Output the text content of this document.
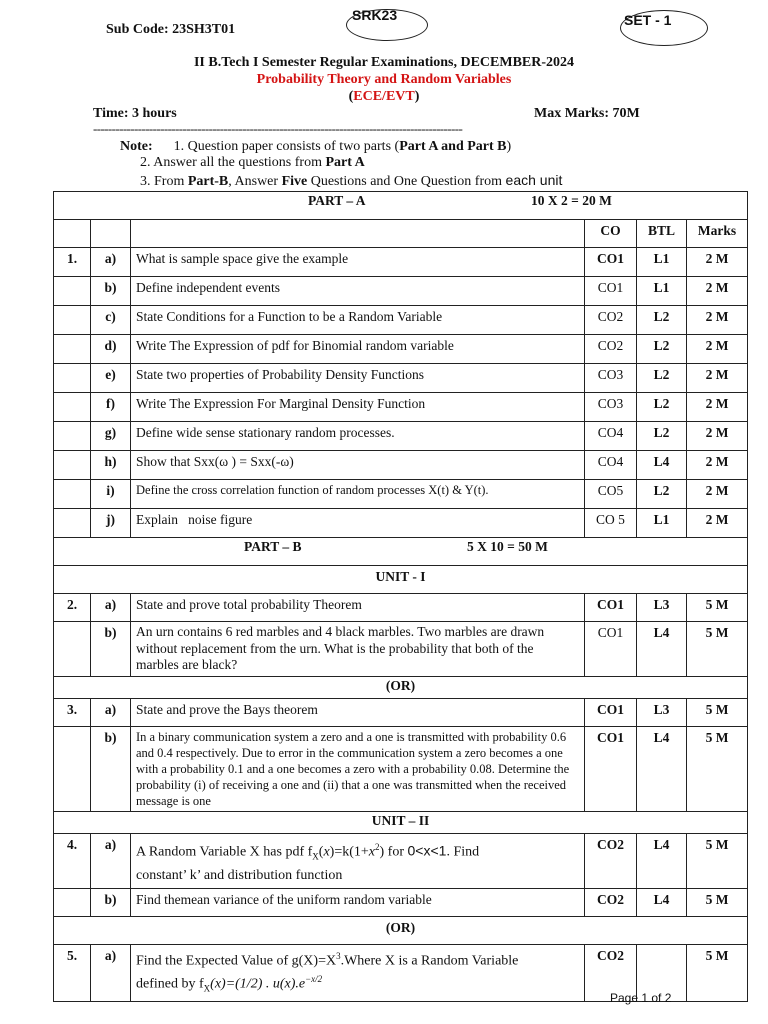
Sub Code: 23SH3T01
SRK23	SET - 1
II B.Tech I Semester Regular Examinations, DECEMBER-2024
Probability Theory and Random Variables
(ECE/EVT)
Time: 3 hours	Max Marks: 70M
---------------------------------------------------------------------------------------------------
Note: 1. Question paper consists of two parts (Part A and Part B)
2. Answer all the questions from Part A
3. From Part-B, Answer Five Questions and One Question from each unit
PART – A 10 X 2 = 20 M					

			CO	BTL	Marks
1.	a)	What is sample space give the example	CO1	L1	2 M
	b)	Define independent events	CO1	L1	2 M
	c)	State Conditions for a Function to be a Random Variable	CO2	L2	2 M
	d)	Write The Expression of pdf for Binomial random variable	CO2	L2	2 M
	e)	State two properties of Probability Density Functions	CO3	L2	2 M
	f)	Write The Expression For Marginal Density Function	CO3	L2	2 M
	g)	Define wide sense stationary random processes.	CO4	L2	2 M
	h)	Show that Sxx(ω ) = Sxx(-ω)	CO4	L4	2 M
	i)	Define the cross correlation function of random processes X(t) & Y(t).	CO5	L2	2 M
	j)	Explain   noise figure	CO 5	L1	2 M

PART – B 5 X 10 = 50 M					

UNIT - I					
2.	a)	State and prove total probability Theorem	CO1	L3	5 M
	b)	An urn contains 6 red marbles and 4 black marbles. Two marbles are drawn without replacement from the urn. What is the probability that both of the marbles are black?	CO1	L4	5 M
(OR)					
3.	a)	State and prove the Bays theorem	CO1	L3	5 M
	b)	In a binary communication system a zero and a one is transmitted with probability 0.6 and 0.4 respectively. Due to error in the communication system a zero becomes a one with a probability 0.1 and a one becomes a zero with a probability 0.08. Determine the probability (i) of receiving a one and (ii) that a one was transmitted when the received message is one	CO1	L4	5 M
UNIT – II					
4.	a)	A Random Variable X has pdf $f_X(x)=k(1+x^2)$ for 0<x<1. Find
constant’ k’ and distribution function	CO2	L4	5 M
	b)	Find themean variance of the uniform random variable	CO2	L4	5 M
(OR)					
5.	a)	Find the Expected Value of $g(X)=X^3.Where$ X is a Random Variable
defined by $f_X(x)=(1/2)$ . $u(x).e^{-x/2}$	CO2		5 M
Page 1 of 2
